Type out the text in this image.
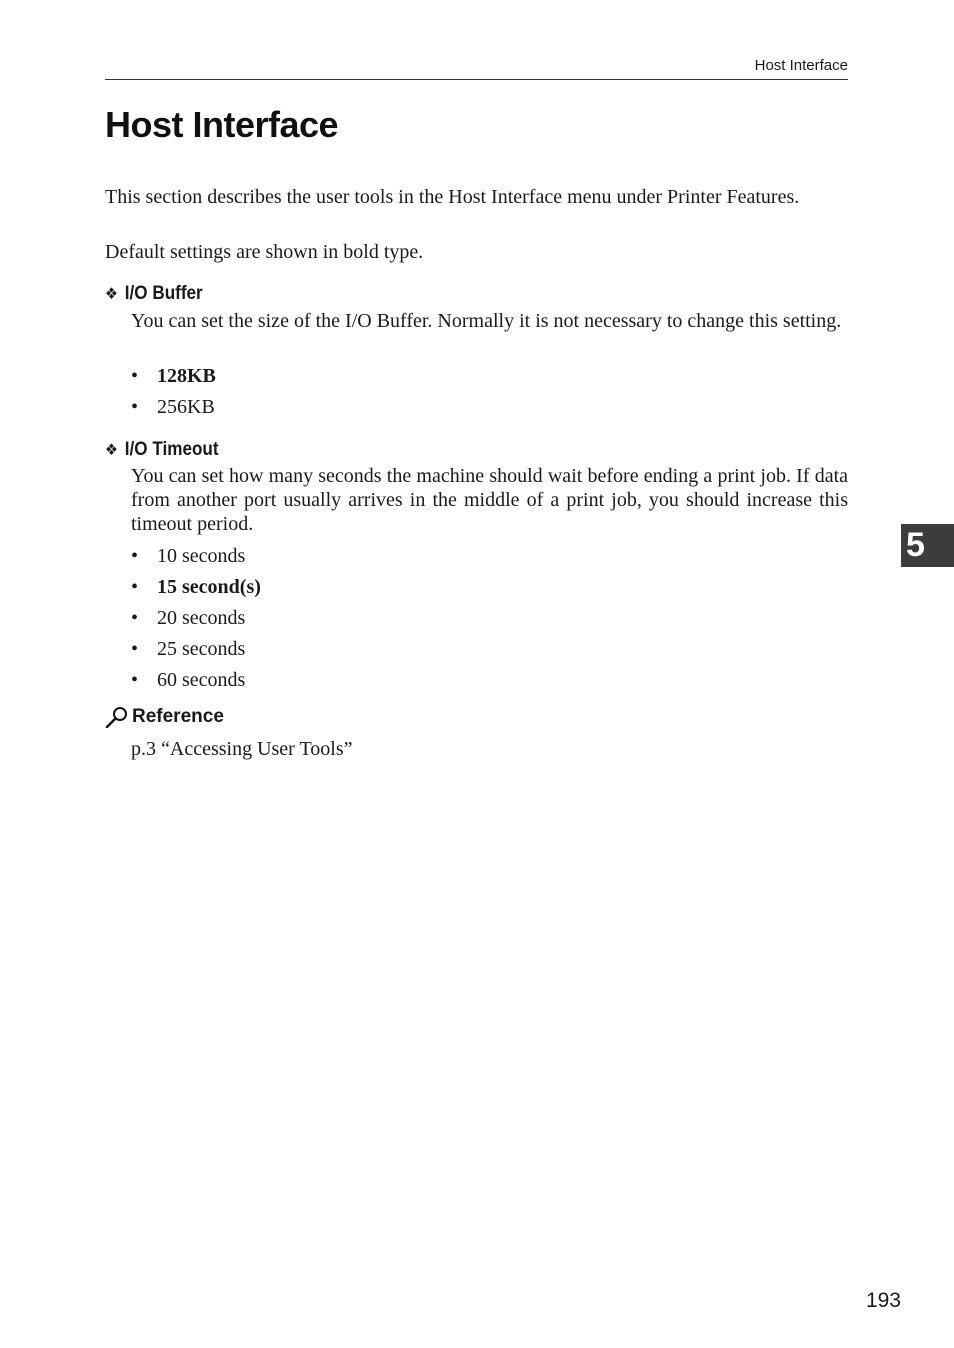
Host Interface
Host Interface

This section describes the user tools in the Host Interface menu under Printer Features.

Default settings are shown in bold type.

❖ I/O Buffer

You can set the size of the I/O Buffer. Normally it is not necessary to change this setting.

• 128KB
• 256KB
❖ I/O Timeout

You can set how many seconds the machine should wait before ending a print job. If data from another port usually arrives in the middle of a print job, you should increase this timeout period.

• 10 seconds
• 15 second(s)
• 20 seconds
• 25 seconds
• 60 seconds
Reference

p.3 “Accessing User Tools”

5
193
